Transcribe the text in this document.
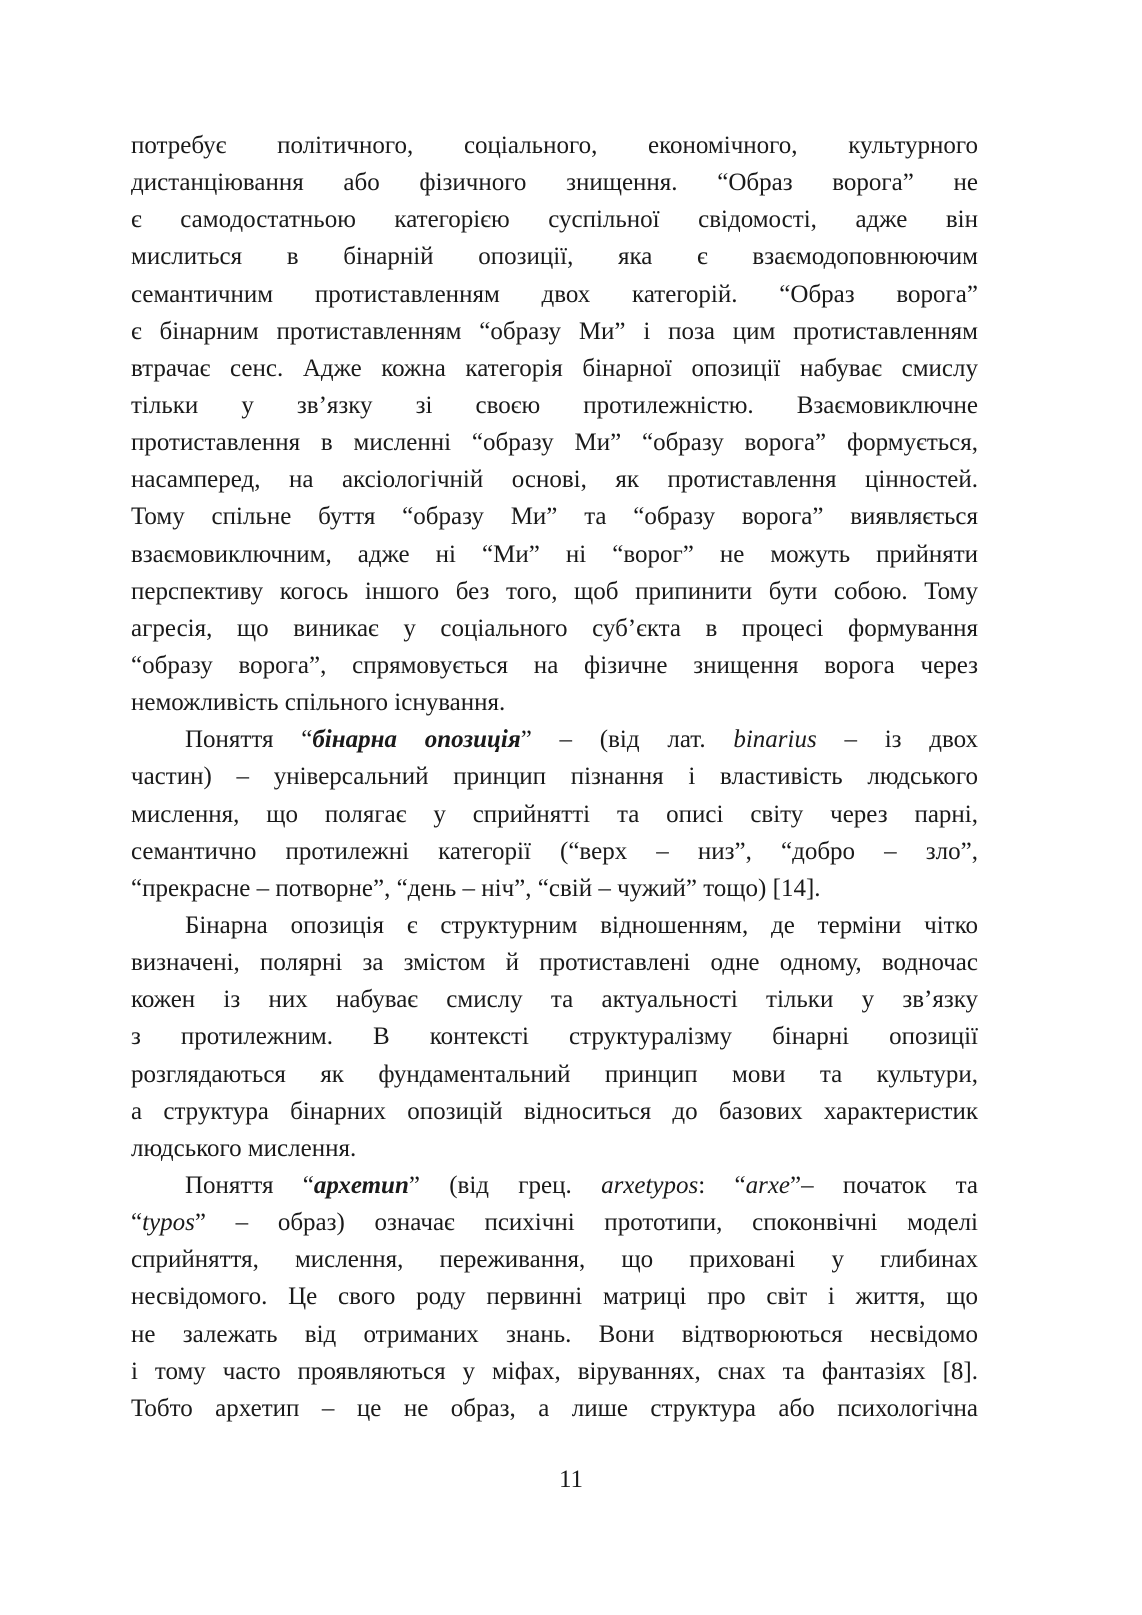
потребує політичного, соціального, економічного, культурного
дистанціювання або фізичного знищення. “Образ ворога” не
є самодостатньою категорією суспільної свідомості, адже він
мислиться в бінарній опозиції, яка є взаємодоповнюючим
семантичним протиставленням двох категорій. “Образ ворога”
є бінарним протиставленням “образу Ми” і поза цим протиставленням
втрачає сенс. Адже кожна категорія бінарної опозиції набуває смислу
тільки у зв’язку зі своєю протилежністю. Взаємовиключне
протиставлення в мисленні “образу Ми” “образу ворога” формується,
насамперед, на аксіологічній основі, як протиставлення цінностей.
Тому спільне буття “образу Ми” та “образу ворога” виявляється
взаємовиключним, адже ні “Ми” ні “ворог” не можуть прийняти
перспективу когось іншого без того, щоб припинити бути собою. Тому
агресія, що виникає у соціального суб’єкта в процесі формування
“образу ворога”, спрямовується на фізичне знищення ворога через
неможливість спільного існування.
Поняття “бінарна опозиція” – (від лат. binarius – із двох
частин) – універсальний принцип пізнання і властивість людського
мислення, що полягає у сприйнятті та описі світу через парні,
семантично протилежні категорії (“верх – низ”, “добро – зло”,
“прекрасне – потворне”, “день – ніч”, “свій – чужий” тощо) [14].
Бінарна опозиція є структурним відношенням, де терміни чітко
визначені, полярні за змістом й протиставлені одне одному, водночас
кожен із них набуває смислу та актуальності тільки у зв’язку
з протилежним. В контексті структуралізму бінарні опозиції
розглядаються як фундаментальний принцип мови та культури,
а структура бінарних опозицій відноситься до базових характеристик
людського мислення.
Поняття “архетип” (від грец. arxetypos: “arxe”– початок та
“typos” – образ) означає психічні прототипи, споконвічні моделі
сприйняття, мислення, переживання, що приховані у глибинах
несвідомого. Це свого роду первинні матриці про світ і життя, що
не залежать від отриманих знань. Вони відтворюються несвідомо
і тому часто проявляються у міфах, віруваннях, снах та фантазіях [8].
Тобто архетип – це не образ, а лише структура або психологічна
11
